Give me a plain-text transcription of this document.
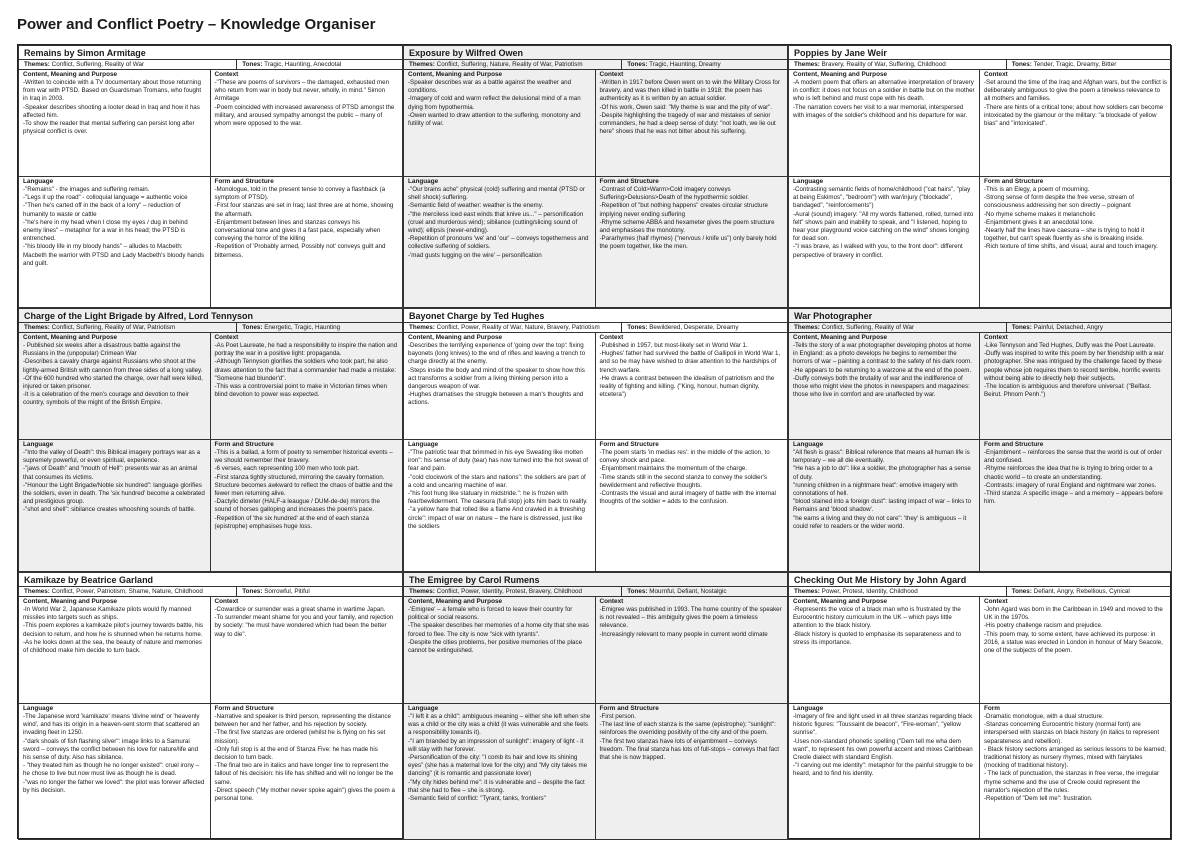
Power and Conflict Poetry – Knowledge Organiser
Remains by Simon Armitage
Themes: Conflict, Suffering, Reality of War	Tones: Tragic, Haunting, Anecdotal
Content, Meaning and Purpose
-Written to coincide with a TV documentary about those returning from war with PTSD. Based on Guardsman Tromans, who fought in Iraq in 2003.
-Speaker describes shooting a looter dead in Iraq and how it has affected him.
-To show the reader that mental suffering can persist long after physical conflict is over.
Context
-"These are poems of survivors – the damaged, exhausted men who return from war in body but never, wholly, in mind." Simon Armitage
-Poem coincided with increased awareness of PTSD amongst the military, and aroused sympathy amongst the public – many of whom were opposed to the war.
Language
-"Remains" - the images and suffering remain.
-"Legs it up the road" - colloquial language = authentic voice
-"Then he's carted off in the back of a lorry" – reduction of humanity to waste or cattle
-"he's here in my head when I close my eyes / dug in behind enemy lines" – metaphor for a war in his head; the PTSD is entrenched.
-"his bloody life in my bloody hands" – alludes to Macbeth: Macbeth the warrior with PTSD and Lady Macbeth's bloody hands and guilt.
Form and Structure
-Monologue, told in the present tense to convey a flashback (a symptom of PTSD).
-First four stanzas are set in Iraq; last three are at home, showing the aftermath.
-Enjambment between lines and stanzas conveys his conversational tone and gives it a fast pace, especially when conveying the horror of the killing
-Repetition of 'Probably armed, Possibly not' conveys guilt and bitterness.
Exposure by Wilfred Owen
Themes: Conflict, Suffering, Nature, Reality of War, Patriotism	Tones: Tragic, Haunting, Dreamy
Content, Meaning and Purpose
-Speaker describes war as a battle against the weather and conditions.
-Imagery of cold and warm reflect the delusional mind of a man dying from hypothermia.
-Owen wanted to draw attention to the suffering, monotony and futility of war.
Context
-Written in 1917 before Owen went on to win the Military Cross for bravery, and was then killed in battle in 1918: the poem has authenticity as it is written by an actual soldier.
-Of his work, Owen said: "My theme is war and the pity of war".
-Despite highlighting the tragedy of war and mistakes of senior commanders, he had a deep sense of duty: "not loath, we lie out here" shows that he was not bitter about his suffering.
Language
-"Our brains ache" physical (cold) suffering and mental (PTSD or shell shock) suffering.
-Semantic field of weather: weather is the enemy.
-"the merciless iced east winds that knive us..." – personification (cruel and murderous wind); sibilance (cutting/slicing sound of wind); ellipsis (never-ending).
-Repetition of pronouns 'we' and 'our' – conveys togetherness and collective suffering of soldiers.
-'mad gusts tugging on the wire' – personification
Form and Structure
-Contrast of Cold>Warm>Cold imagery conveys Suffering>Delusions>Death of the hypothermic soldier.
-Repetition of "but nothing happens" creates circular structure implying never ending suffering
-Rhyme scheme ABBA and hexameter gives the poem structure and emphasises the monotony.
-Pararhymes (half rhymes) ("nervous / knife us") only barely hold the poem together, like the men.
Poppies by Jane Weir
Themes: Bravery, Reality of War, Suffering, Childhood	Tones: Tender, Tragic, Dreamy, Bitter
Content, Meaning and Purpose
-A modern poem that offers an alternative interpretation of bravery in conflict: it does not focus on a soldier in battle but on the mother who is left behind and must cope with his death.
-The narration covers her visit to a war memorial, interspersed with images of the soldier's childhood and his departure for war.
Context
-Set around the time of the Iraq and Afghan wars, but the conflict is deliberately ambiguous to give the poem a timeless relevance to all mothers and families.
-There are hints of a critical tone; about how soldiers can become intoxicated by the glamour or the military: "a blockade of yellow bias" and "intoxicated".
Language
-Contrasting semantic fields of home/childhood ("cat hairs", "play at being Eskimos", "bedroom") with war/injury ("blockade", bandaged", "reinforcements")
-Aural (sound) imagery: "All my words flattened, rolled, turned into felt" shows pain and inability to speak, and "I listened, hoping to hear your playground voice catching on the wind" shows longing for dead son.
-"I was brave, as I walked with you, to the front door": different perspective of bravery in conflict.
Form and Structure
-This is an Elegy, a poem of mourning.
-Strong sense of form despite the free verse, stream of consciousness addressing her son directly – poignant
-No rhyme scheme makes it melancholic
-Enjambment gives it an anecdotal tone.
-Nearly half the lines have caesura – she is trying to hold it together, but can't speak fluently as she is breaking inside.
-Rich texture of time shifts, and visual, aural and touch imagery.
Charge of the Light Brigade by Alfred, Lord Tennyson
Themes: Conflict, Suffering, Reality of War, Patriotism	Tones: Energetic, Tragic, Haunting
Content, Meaning and Purpose
- Published six weeks after a disastrous battle against the Russians in the (unpopular) Crimean War
-Describes a cavalry charge against Russians who shoot at the lightly-armed British with cannon from three sides of a long valley.
-Of the 600 hundred who started the charge, over half were killed, injured or taken prisoner.
-It is a celebration of the men's courage and devotion to their country, symbols of the might of the British Empire.
Context
-As Poet Laureate, he had a responsibility to inspire the nation and portray the war in a positive light: propaganda.
-Although Tennyson glorifies the soldiers who took part, he also draws attention to the fact that a commander had made a mistake: "Someone had blunder'd".
-This was a controversial point to make in Victorian times when blind devotion to power was expected.
Language
-"Into the valley of Death": this Biblical imagery portrays war as a supremely powerful, or even spiritual, experience.
-"jaws of Death" and "mouth of Hell": presents war as an animal that consumes its victims.
-"Honour the Light Brigade/Noble six hundred": language glorifies the soldiers, even in death. The 'six hundred' become a celebrated and prestigious group.
-"shot and shell": sibilance creates whooshing sounds of battle.
Form and Structure
-This is a ballad, a form of poetry to remember historical events – we should remember their bravery.
-6 verses, each representing 100 men who took part.
-First stanza tightly structured, mirroring the cavalry formation. Structure becomes awkward to reflect the chaos of battle and the fewer men returning alive.
-Dactylic dimeter (HALF-a leaugue / DUM-de-de) mirrors the sound of horses galloping and increases the poem's pace.
-Repetition of 'the six hundred' at the end of each stanza (epistrophe) emphasises huge loss.
Bayonet Charge by Ted Hughes
Themes: Conflict, Power, Reality of War, Nature, Bravery, Patriotism	Tones: Bewildered, Desperate, Dreamy
Content, Meaning and Purpose
-Describes the terrifying experience of 'going over the top': fixing bayonets (long knives) to the end of rifles and leaving a trench to charge directly at the enemy.
-Steps inside the body and mind of the speaker to show how this act transforms a soldier from a living thinking person into a dangerous weapon of war.
-Hughes dramatises the struggle between a man's thoughts and actions.
Context
-Published in 1957, but most-likely set in World War 1.
-Hughes' father had survived the battle of Gallipoli in World War 1, and so he may have wished to draw attention to the hardships of trench warfare.
-He draws a contrast between the idealism of patriotism and the reality of fighting and killing. ("King, honour, human dignity, etcetera")
Language
-"The patriotic tear that brimmed in his eye Sweating like molten iron": his sense of duty (tear) has now turned into the hot sweat of fear and pain.
-"cold clockwork of the stars and nations": the soldiers are part of a cold and uncaring machine of war.
-"his foot hung like statuary in midstride.": he is frozen with fear/bewilderment. The caesura (full stop) jolts him back to reality.
-"a yellow hare that rolled like a flame And crawled in a threshing circle": impact of war on nature – the hare is distressed, just like the soldiers
Form and Structure
-The poem starts 'in medias res': in the middle of the action, to convey shock and pace.
-Enjambment maintains the momentum of the charge.
-Time stands still in the second stanza to convey the soldier's bewilderment and reflective thoughts.
-Contrasts the visual and aural imagery of battle with the internal thoughts of the soldier = adds to the confusion.
War Photographer
Themes: Conflict, Suffering, Reality of War	Tones: Painful, Detached, Angry
Content, Meaning and Purpose
-Tells the story of a war photographer developing photos at home in England: as a photo develops he begins to remember the horrors of war – painting a contrast to the safety of his dark room.
-He appears to be returning to a warzone at the end of the poem.
-Duffy conveys both the brutality of war and the indifference of those who might view the photos in newspapers and magazines: those who live in comfort and are unaffected by war.
Context
-Like Tennyson and Ted Hughes, Duffy was the Poet Laureate.
-Duffy was inspired to write this poem by her friendship with a war photographer. She was intrigued by the challenge faced by these people whose job requires them to record terrible, horrific events without being able to directly help their subjects.
-The location is ambiguous and therefore universal: ("Belfast. Beirut. Phnom Penh.")
Language
"All flesh is grass": Biblical reference that means all human life is temporary – we all die eventually.
"He has a job to do": like a soldier, the photographer has a sense of duty.
"running children in a nightmare heat": emotive imagery with connotations of hell.
"blood stained into a foreign dust": lasting impact of war – links to Remains and 'blood shadow'.
"he earns a living and they do not care": 'they' is ambiguous – it could refer to readers or the wider world.
Form and Structure
-Enjambment – reinforces the sense that the world is out of order and confused.
-Rhyme reinforces the idea that he is trying to bring order to a chaotic world – to create an understanding.
-Contrasts: imagery of rural England and nightmare war zones.
-Third stanza: A specific image – and a memory – appears before him.
Kamikaze by Beatrice Garland
Themes: Conflict, Power, Patriotism, Shame, Nature, Childhood	Tones: Sorrowful, Pitiful
Content, Meaning and Purpose
-In World War 2, Japanese Kamikaze pilots would fly manned missiles into targets such as ships.
-This poem explores a kamikaze pilot's journey towards battle, his decision to return, and how he is shunned when he returns home.
-As he looks down at the sea, the beauty of nature and memories of childhood make him decide to turn back.
Context
-Cowardice or surrender was a great shame in wartime Japan.
-To surrender meant shame for you and your family, and rejection by society: "he must have wondered which had been the better way to die".
Language
-The Japanese word 'kamikaze' means 'divine wind' or 'heavenly wind', and has its origin in a heaven-sent storm that scattered an invading fleet in 1250.
-"dark shoals of fish flashing silver": image links to a Samurai sword – conveys the conflict between his love for nature/life and his sense of duty. Also has sibilance.
- "they treated him as though he no longer existed": cruel irony – he chose to live but now must live as though he is dead.
-"was no longer the father we loved": the pilot was forever affected by his decision.
Form and Structure
-Narrative and speaker is third person, representing the distance between her and her father, and his rejection by society.
-The first five stanzas are ordered (whilst he is flying on his set mission).
-Only full stop is at the end of Stanza Five: he has made his decision to turn back.
-The final two are in italics and have longer line to represent the fallout of his decision: his life has shifted and will no longer be the same.
-Direct speech ("My mother never spoke again") gives the poem a personal tone.
The Emigree by Carol Rumens
Themes: Conflict, Power, Identity, Protest, Bravery, Childhood	Tones: Mournful, Defiant, Nostalgic
Content, Meaning and Purpose
-'Emigree' – a female who is forced to leave their country for political or social reasons.
-The speaker describes her memories of a home city that she was forced to flee. The city is now "sick with tyrants".
-Despite the cities problems, her positive memories of the place cannot be extinguished.
Context
-Emigree was published in 1993. The home country of the speaker is not revealed – this ambiguity gives the poem a timeless relevance.
-Increasingly relevant to many people in current world climate
Language
-"I left it as a child": ambiguous meaning – either she left when she was a child or the city was a child (it was vulnerable and she feels a responsibility towards it).
-"I am branded by an impression of sunlight": imagery of light - it will stay with her forever.
-Personification of the city: "I comb its hair and love its shining eyes" (she has a maternal love for the city) and "My city takes me dancing" (it is romantic and passionate lover)
-"My city hides behind me": it is vulnerable and – despite the fact that she had to flee – she is strong.
-Semantic field of conflict: "Tyrant, tanks, frontiers"
Form and Structure
-First person.
-The last line of each stanza is the same (epistrophe): "sunlight": reinforces the overriding positivity of the city and of the poem.
-The first two stanzas have lots of enjambment – conveys freedom. The final stanza has lots of full-stops – conveys that fact that she is now trapped.
Checking Out Me History by John Agard
Themes: Power, Protest, Identity, Childhood	Tones: Defiant, Angry, Rebellious, Cynical
Content, Meaning and Purpose
-Represents the voice of a black man who is frustrated by the Eurocentric history curriculum in the UK – which pays little attention to the black history.
-Black history is quoted to emphasise its separateness and to stress its importance.
Context
-John Agard was born in the Caribbean in 1949 and moved to the UK in the 1970s.
-His poetry challenge racism and prejudice.
-This poem may, to some extent, have achieved its purpose: in 2016, a statue was erected in London in honour of Mary Seacole, one of the subjects of the poem.
Language
-Imagery of fire and light used in all three stanzas regarding black historic figures: "Toussaint de beacon", "Fire-woman", "yellow sunrise".
-Uses non-standard phonetic spelling ("Dem tell me wha dem want", to represent his own powerful accent and mixes Caribbean Creole dialect with standard English.
-"I carving out me identity": metaphor for the painful struggle to be heard, and to find his identity.
Form
-Dramatic monologue, with a dual structure.
-Stanzas concerning Eurocentric history (normal font) are interspersed with stanzas on black history (in italics to represent separateness and rebellion).
- Black history sections arranged as serious lessons to be learned; traditional history as nursery rhymes, mixed with fairytales (mocking of traditional history).
- The lack of punctuation, the stanzas in free verse, the irregular rhyme scheme and the use of Creole could represent the narrator's rejection of the rules.
-Repetition of "Dem tell me": frustration.
